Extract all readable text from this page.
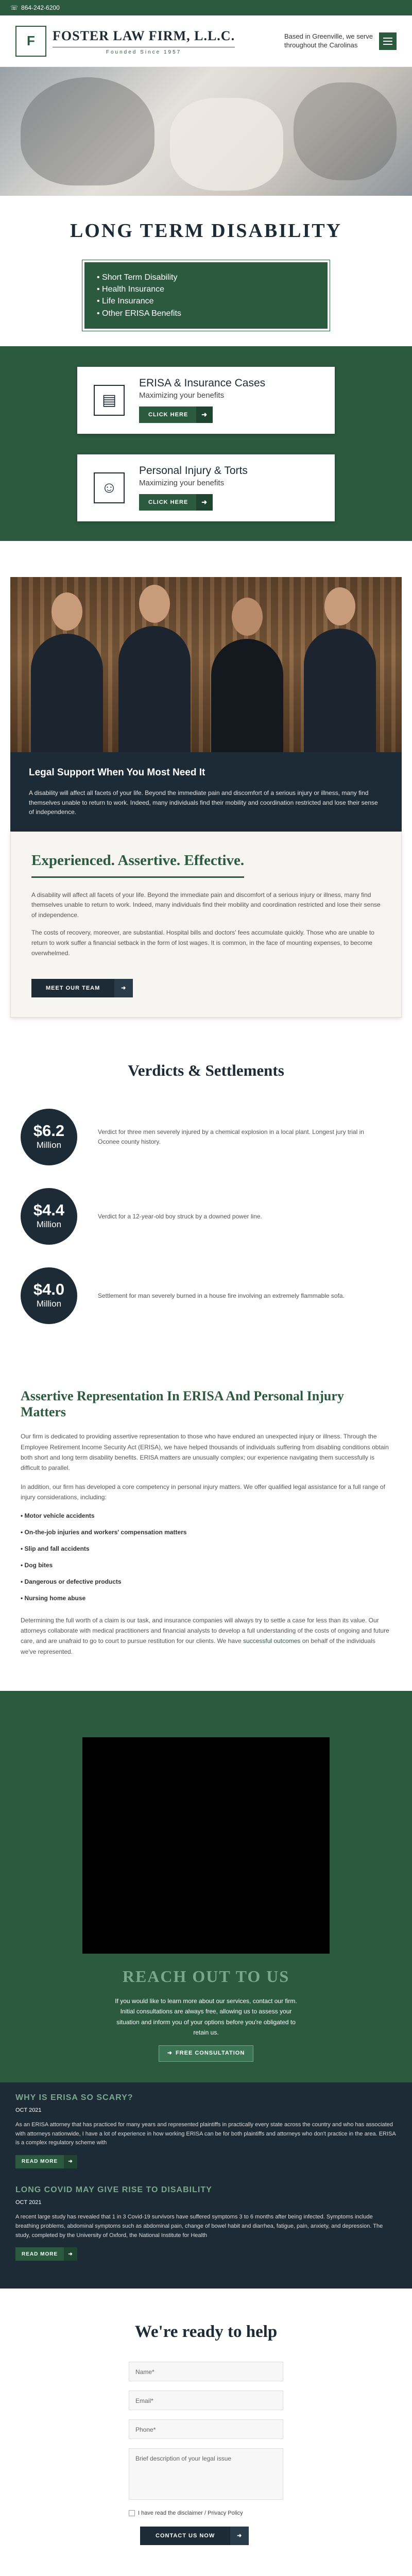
☏ 864-242-6200
F	FOSTER LAW FIRM, L.L.C.
Founded Since 1957
Based in Greenville, we serve
throughout the Carolinas
LONG TERM DISABILITY
• Short Term Disability
• Health Insurance
• Life Insurance
• Other ERISA Benefits
▤
ERISA & Insurance Cases

Maximizing your benefits

CLICK HERE	➜
☺
Personal Injury & Torts

Maximizing your benefits

CLICK HERE	➜
Legal Support When You Most Need It

A disability will affect all facets of your life. Beyond the immediate pain and discomfort of a serious injury or illness, many find themselves unable to return to work. Indeed, many individuals find their mobility and coordination restricted and lose their sense of independence.

Experienced. Assertive. Effective.

A disability will affect all facets of your life. Beyond the immediate pain and discomfort of a serious injury or illness, many find themselves unable to return to work. Indeed, many individuals find their mobility and coordination restricted and lose their sense of independence.

The costs of recovery, moreover, are substantial. Hospital bills and doctors' fees accumulate quickly. Those who are unable to return to work suffer a financial setback in the form of lost wages. It is common, in the face of mounting expenses, to become overwhelmed.

MEET OUR TEAM	➜
Verdicts & Settlements
$6.2
Million

Verdict for three men severely injured by a chemical explosion in a local plant. Longest jury trial in Oconee county history.

$4.4
Million

Verdict for a 12-year-old boy struck by a downed power line.

$4.0
Million

Settlement for man severely burned in a house fire involving an extremely flammable sofa.

Assertive Representation In ERISA And Personal Injury Matters

Our firm is dedicated to providing assertive representation to those who have endured an unexpected injury or illness. Through the Employee Retirement Income Security Act (ERISA), we have helped thousands of individuals suffering from disabling conditions obtain both short and long term disability benefits. ERISA matters are unusually complex; our experience navigating them successfully is difficult to parallel.

In addition, our firm has developed a core competency in personal injury matters. We offer qualified legal assistance for a full range of injury considerations, including:

• Motor vehicle accidents
• On-the-job injuries and workers' compensation matters
• Slip and fall accidents
• Dog bites
• Dangerous or defective products
• Nursing home abuse

Determining the full worth of a claim is our task, and insurance companies will always try to settle a case for less than its value. Our attorneys collaborate with medical practitioners and financial analysts to develop a full understanding of the costs of ongoing and future care, and are unafraid to go to court to pursue restitution for our clients. We have successful outcomes on behalf of the individuals we've represented.

REACH OUT TO US

If you would like to learn more about our services, contact our firm. Initial consultations are always free, allowing us to assess your situation and inform you of your options before you're obligated to retain us.

➜ FREE CONSULTATION
WHY IS ERISA SO SCARY?
OCT 2021

As an ERISA attorney that has practiced for many years and represented plaintiffs in practically every state across the country and who has associated with attorneys nationwide, I have a lot of experience in how working ERISA can be for both plaintiffs and attorneys who don't practice in the area. ERISA is a complex regulatory scheme with

READ MORE	➜
LONG COVID MAY GIVE RISE TO DISABILITY
OCT 2021

A recent large study has revealed that 1 in 3 Covid-19 survivors have suffered symptoms 3 to 6 months after being infected. Symptoms include breathing problems, abdominal symptoms such as abdominal pain, change of bowel habit and diarrhea, fatigue, pain, anxiety, and depression. The study, completed by the University of Oxford, the National Institute for Health

READ MORE	➜
We're ready to help
Name*
Email*
Phone*
Brief description of your legal issue
I have read the disclaimer / Privacy Policy
CONTACT US NOW	➜
